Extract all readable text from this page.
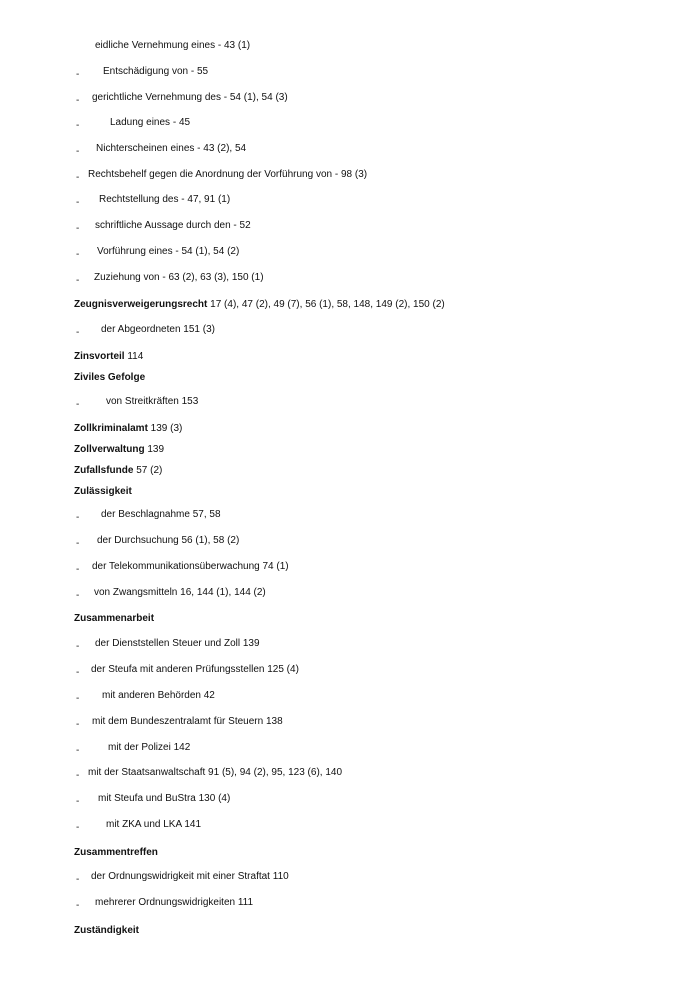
eidliche Vernehmung eines - 43 (1)
- Entschädigung von - 55
- gerichtliche Vernehmung des - 54 (1), 54 (3)
-	Ladung eines - 45
- Nichterscheinen eines - 43 (2), 54
- Rechtsbehelf gegen die Anordnung der Vorführung von - 98 (3)
- Rechtstellung des - 47, 91 (1)
- schriftliche Aussage durch den - 52
- Vorführung eines - 54 (1), 54 (2)
- Zuziehung von - 63 (2), 63 (3), 150 (1)
Zeugnisverweigerungsrecht 17 (4), 47 (2), 49 (7), 56 (1), 58, 148, 149 (2), 150 (2)
- der Abgeordneten 151 (3)
Zinsvorteil 114
Ziviles Gefolge
-	von Streitkräften 153
Zollkriminalamt 139 (3)
Zollverwaltung 139
Zufallsfunde 57 (2)
Zulässigkeit
- der Beschlagnahme 57, 58
- der Durchsuchung 56 (1), 58 (2)
- der Telekommunikationsüberwachung 74 (1)
- von Zwangsmitteln 16, 144 (1), 144 (2)
Zusammenarbeit
- der Dienststellen Steuer und Zoll 139
- der Steufa mit anderen Prüfungsstellen 125 (4)
- mit anderen Behörden 42
- mit dem Bundeszentralamt für Steuern 138
-	mit der Polizei 142
- mit der Staatsanwaltschaft 91 (5), 94 (2), 95, 123 (6), 140
- mit Steufa und BuStra 130 (4)
-	mit ZKA und LKA 141
Zusammentreffen
- der Ordnungswidrigkeit mit einer Straftat 110
- mehrerer Ordnungswidrigkeiten 111
Zuständigkeit
